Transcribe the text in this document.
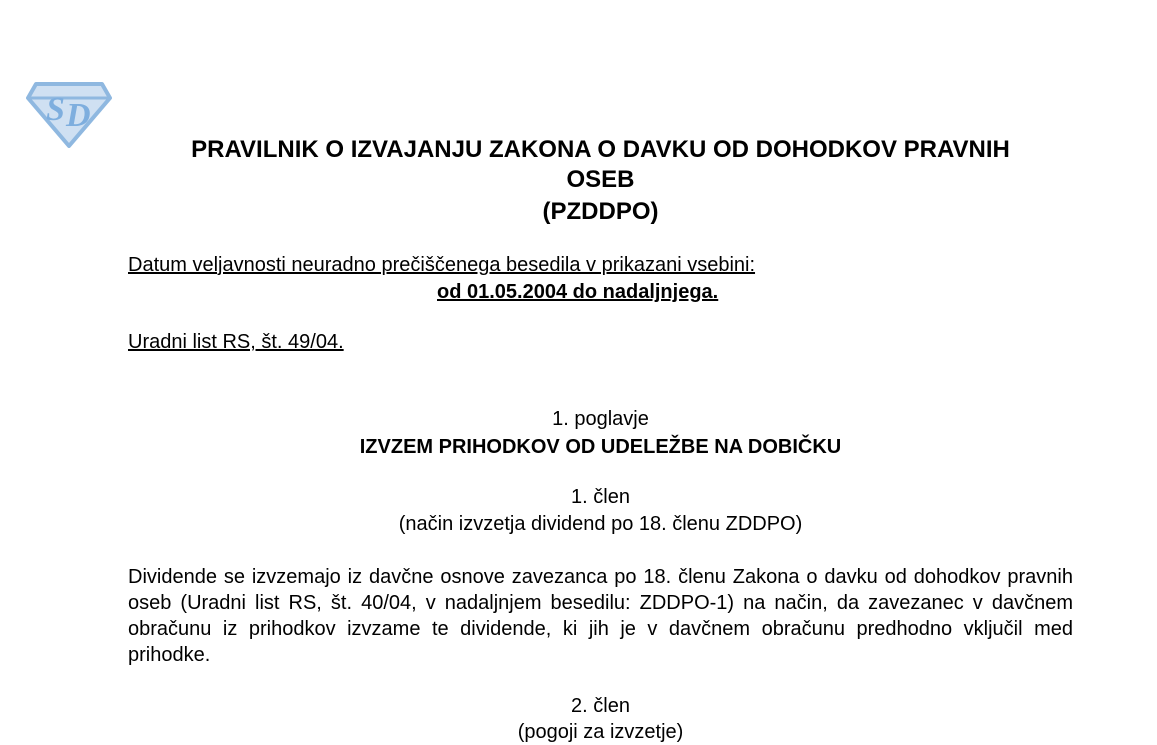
S D
PRAVILNIK O IZVAJANJU ZAKONA O DAVKU OD DOHODKOV PRAVNIH
OSEB
(PZDDPO)
Datum veljavnosti neuradno prečiščenega besedila v prikazani vsebini:
od 01.05.2004 do nadaljnjega.
Uradni list RS, št. 49/04.
1. poglavje
IZVZEM PRIHODKOV OD UDELEŽBE NA DOBIČKU
1. člen
(način izvzetja dividend po 18. členu ZDDPO)
Dividende se izvzemajo iz davčne osnove zavezanca po 18. členu Zakona o davku od dohodkov pravnih oseb (Uradni list RS, št. 40/04, v nadaljnjem besedilu: ZDDPO-1) na način, da zavezanec v davčnem obračunu iz prihodkov izvzame te dividende, ki jih je v davčnem obračunu predhodno vključil med prihodke.
2. člen
(pogoji za izvzetje)
